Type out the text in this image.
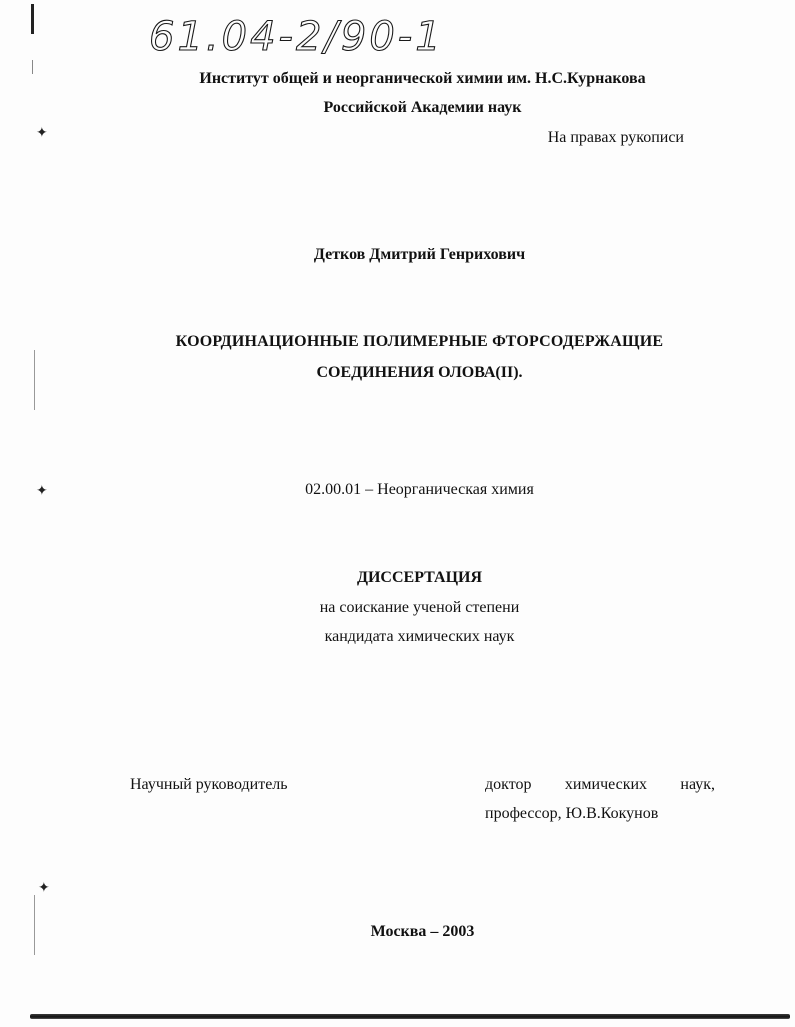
61.04-2/90-1
✦
✦
✦
Институт общей и неорганической химии им. Н.С.Курнакова
Российской Академии наук
На правах рукописи
Детков Дмитрий Генрихович
КООРДИНАЦИОННЫЕ ПОЛИМЕРНЫЕ ФТОРСОДЕРЖАЩИЕ
СОЕДИНЕНИЯ ОЛОВА(II).
02.00.01 – Неорганическая химия
ДИССЕРТАЦИЯ
на соискание ученой степени
кандидата химических наук
Научный руководитель	доктор химических наук,
профессор, Ю.В.Кокунов
Москва – 2003
